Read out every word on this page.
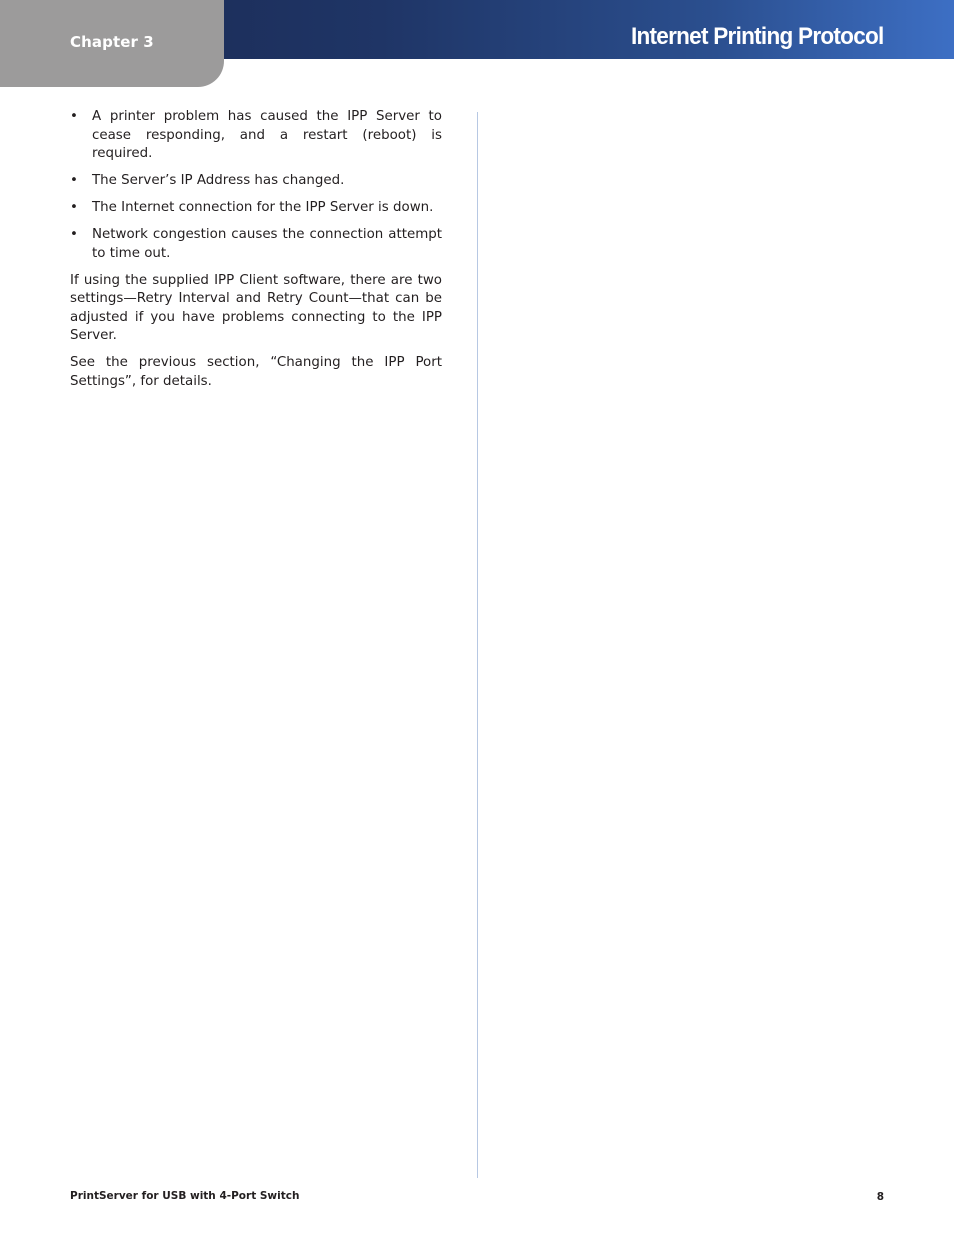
Chapter 3	Internet Printing Protocol
• A printer problem has caused the IPP Server to cease responding, and a restart (reboot) is required.
• The Server’s IP Address has changed.
• The Internet connection for the IPP Server is down.
• Network congestion causes the connection attempt to time out.

If using the supplied IPP Client software, there are two settings—Retry Interval and Retry Count—that can be adjusted if you have problems connecting to the IPP Server.

See the previous section, “Changing the IPP Port Settings”, for details.

PrintServer for USB with 4-Port Switch	8
